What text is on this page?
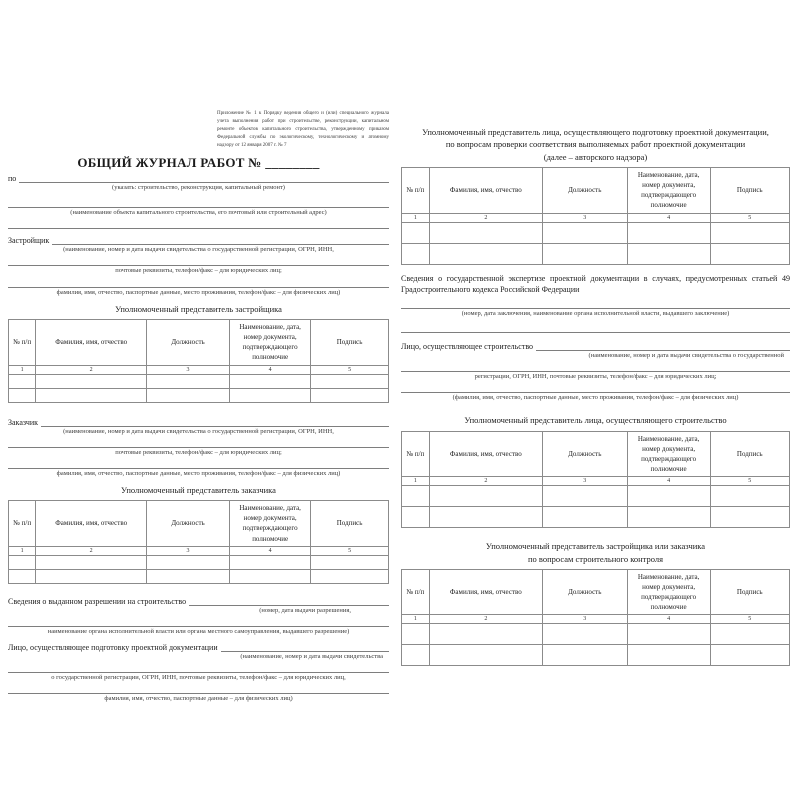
Приложение № 1 к Порядку ведения общего и (или) специального журнала учета выполнения работ при строительстве, реконструкции, капитальном ремонте объектов капитального строительства, утвержденному приказом Федеральной службы по экологическому, технологическому и атомному надзору от 12 января 2007 г. № 7
ОБЩИЙ ЖУРНАЛ РАБОТ № ________
по
(указать: строительство, реконструкция, капитальный ремонт)
(наименование объекта капитального строительства, его почтовый или строительный адрес)
Застройщик
(наименование, номер и дата выдачи свидетельства о государственной регистрации, ОГРН, ИНН,
почтовые реквизиты, телефон/факс – для юридических лиц;
фамилия, имя, отчество, паспортные данные, место проживания, телефон/факс – для физических лиц)
Уполномоченный представитель застройщика
№ п/п	Фамилия, имя, отчество	Должность	Наименование, дата, номер документа, подтверждающего полномочие	Подпись
1	2	3	4	5

Заказчик
(наименование, номер и дата выдачи свидетельства о государственной регистрации, ОГРН, ИНН,
почтовые реквизиты, телефон/факс – для юридических лиц;
фамилия, имя, отчество, паспортные данные, место проживания, телефон/факс – для физических лиц)
Уполномоченный представитель заказчика
№ п/п	Фамилия, имя, отчество	Должность	Наименование, дата, номер документа, подтверждающего полномочие	Подпись
1	2	3	4	5

Сведения о выданном разрешении на строительство
(номер, дата выдачи разрешения,
наименование органа исполнительной власти или органа местного самоуправления, выдавшего разрешение)
Лицо, осуществляющее подготовку проектной документации
(наименование, номер и дата выдачи свидетельства
о государственной регистрации, ОГРН, ИНН, почтовые реквизиты, телефон/факс – для юридических лиц,
фамилия, имя, отчество, паспортные данные – для физических лиц)
Уполномоченный представитель лица, осуществляющего подготовку проектной документации,
по вопросам проверки соответствия выполняемых работ проектной документации
(далее – авторского надзора)
№ п/п	Фамилия, имя, отчество	Должность	Наименование, дата, номер документа, подтверждающего полномочие	Подпись
1	2	3	4	5

Сведения о государственной экспертизе проектной документации в случаях, предусмотренных статьей 49 Градостроительного кодекса Российской Федерации

(номер, дата заключения, наименование органа исполнительной власти, выдавшего заключение)
Лицо, осуществляющее строительство
(наименование, номер и дата выдачи свидетельства о государственной
регистрации, ОГРН, ИНН, почтовые реквизиты, телефон/факс – для юридических лиц;
(фамилия, имя, отчество, паспортные данные, место проживания, телефон/факс – для физических лиц)
Уполномоченный представитель лица, осуществляющего строительство
№ п/п	Фамилия, имя, отчество	Должность	Наименование, дата, номер документа, подтверждающего полномочие	Подпись
1	2	3	4	5

Уполномоченный представитель застройщика или заказчика
по вопросам строительного контроля
№ п/п	Фамилия, имя, отчество	Должность	Наименование, дата, номер документа, подтверждающего полномочие	Подпись
1	2	3	4	5
